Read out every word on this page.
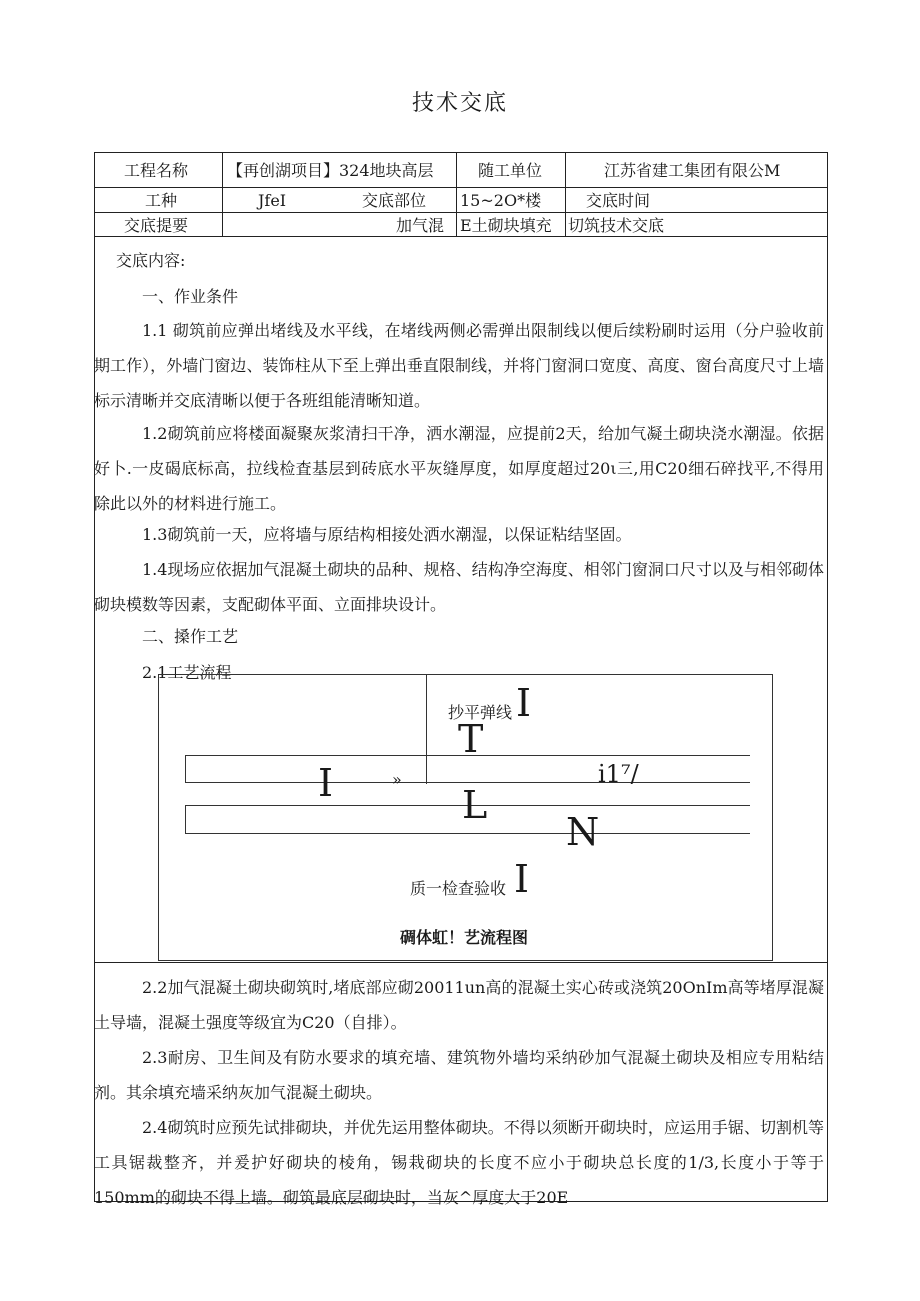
技术交底
工程名称 【再创湖项目】324地块高层	随工单位	江苏省建工集团有限公M
工种	JfeI	交底部位 15~2O*楼	交底时间
交底提要	加气混 E土砌块填充 切筑技术交底
交底内容:
一、作业条件
1.1 砌筑前应弹出堵线及水平线，在堵线两侧必需弹出限制线以便后续粉刷时运用（分户验收前期工作），外墙门窗边、装饰柱从下至上弹出垂直限制线，并将门窗洞口宽度、高度、窗台高度尺寸上墙标示清晰并交底清晰以便于各班组能清晰知道。
1.2砌筑前应将楼面凝聚灰浆清扫干净，洒水潮湿，应提前2天，给加气凝土砌块浇水潮湿。依据好卜.一皮碣底标高，拉线检査基层到砖底水平灰缝厚度，如厚度超过20ι三,用C20细石碎找平,不得用除此以外的材料进行施工。
1.3砌筑前一天，应将墙与原结构相接处洒水潮湿，以保证粘结坚固。
1.4现场应依据加气混凝土砌块的品种、规格、结构净空海度、相邻门窗洞口尺寸以及与相邻砌体砌块模数等因素，支配砌体平面、立面排块设计。
二、搡作工艺
2.1工艺流程
抄平弹线 I
T
I	»	i1⁷/
L
N
质一检查验收 I
碉体虹！艺流程图
2.2加气混凝土砌块砌筑时,堵底部应砌20011un高的混凝土实心砖或浇筑20OnIm高等堵厚混凝土导墙，混凝土强度等级宜为C20（自排）。
2.3耐房、卫生间及有防水要求的填充墙、建筑物外墙均采纳砂加气混凝土砌块及相应专用粘结剂。其余填充墙采纳灰加气混凝土砌块。
2.4砌筑时应预先试排砌块，并优先运用整体砌块。不得以须断开砌块时，应运用手锯、切割机等工具锯裁整齐，并爰护好砌块的棱角，锡栽砌块的长度不应小于砌块总长度的1/3,长度小于等于150mm的砌块不得上墙。砌筑最底层砌块时，当灰^厚度大于20E
